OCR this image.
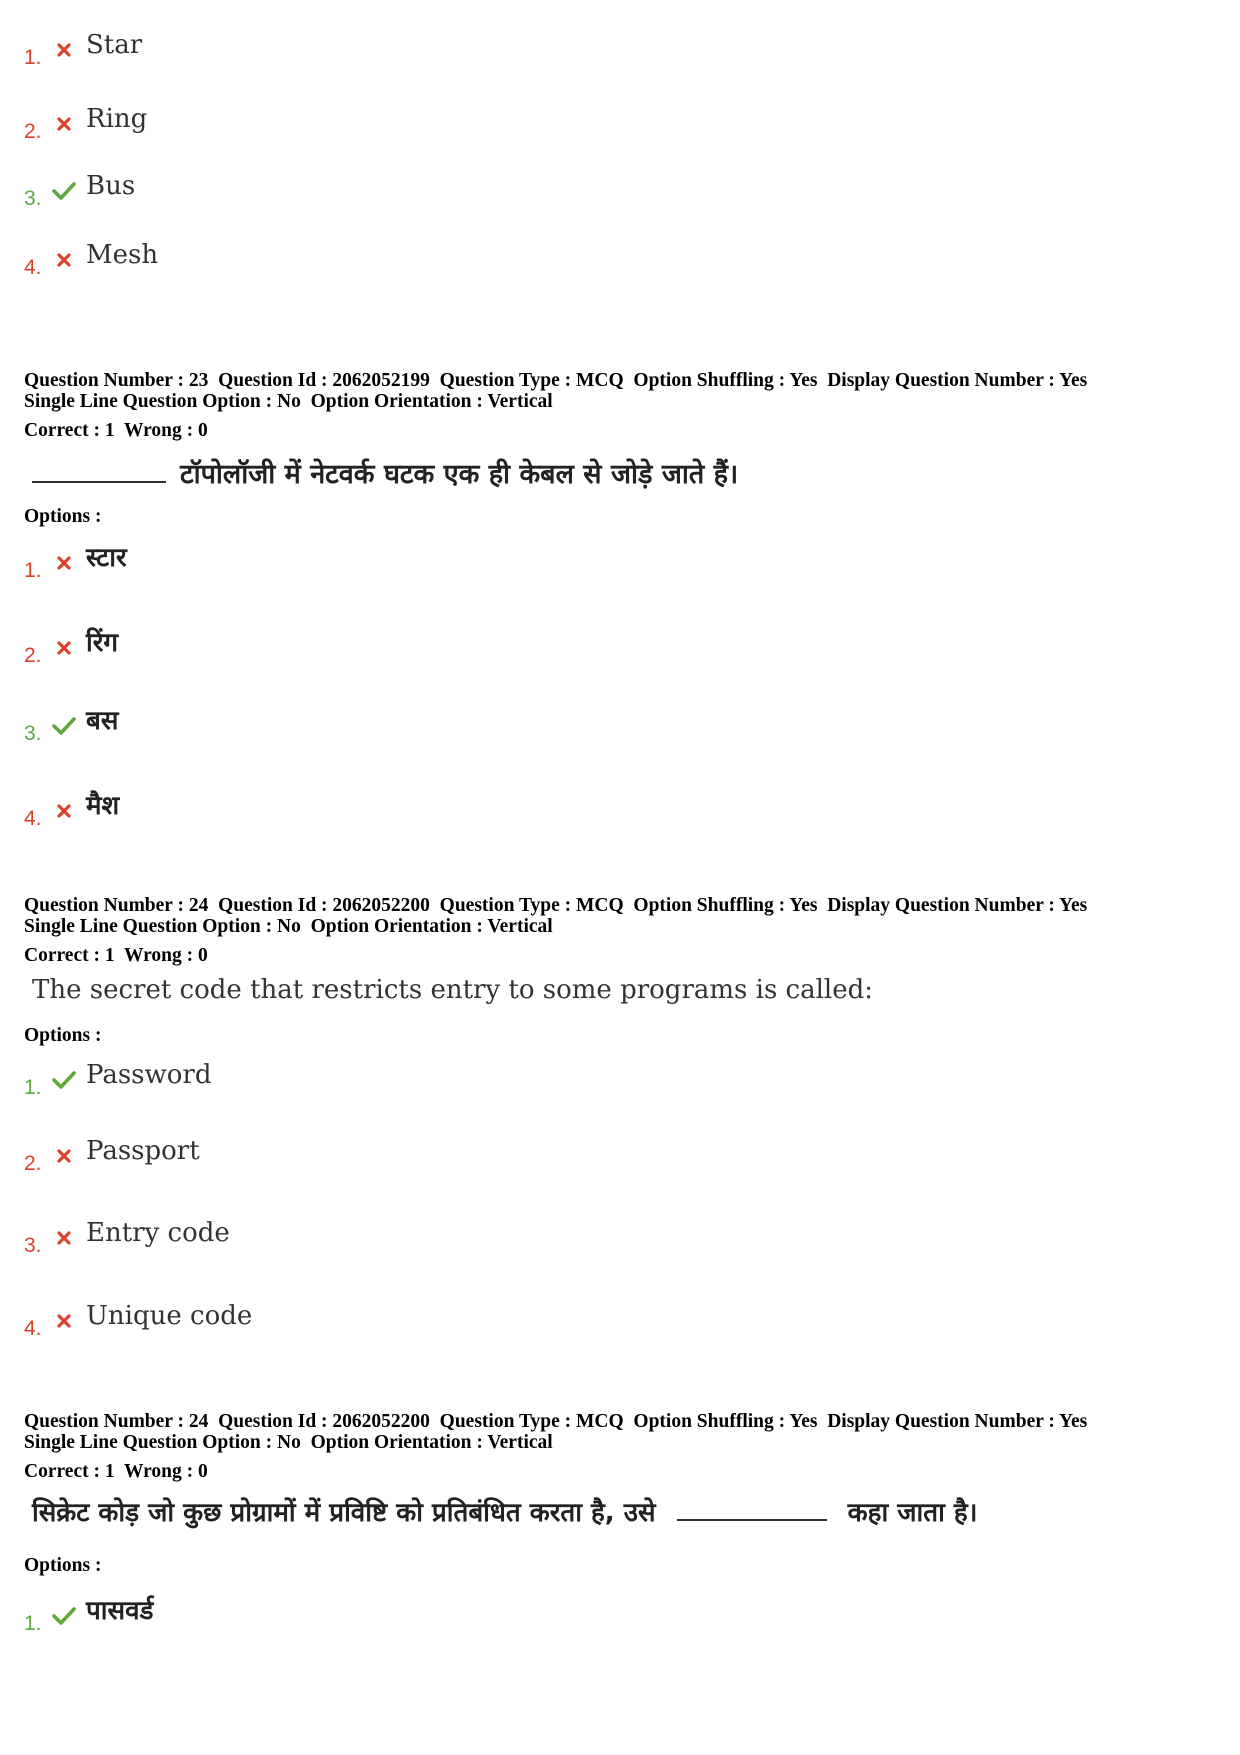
1.	Star
2.	Ring
3.	Bus
4.	Mesh
Question Number : 23  Question Id : 2062052199  Question Type : MCQ  Option Shuffling : Yes  Display Question Number : Yes
Single Line Question Option : No  Option Orientation : Vertical
Correct : 1  Wrong : 0
टॉपोलॉजी में नेटवर्क घटक एक ही केबल से जोड़े जाते हैं।
Options :
1.	स्टार
2.	रिंग
3.	बस
4.	मैश
Question Number : 24  Question Id : 2062052200  Question Type : MCQ  Option Shuffling : Yes  Display Question Number : Yes
Single Line Question Option : No  Option Orientation : Vertical
Correct : 1  Wrong : 0
The secret code that restricts entry to some programs is called:
Options :
1.	Password
2.	Passport
3.	Entry code
4.	Unique code
Question Number : 24  Question Id : 2062052200  Question Type : MCQ  Option Shuffling : Yes  Display Question Number : Yes
Single Line Question Option : No  Option Orientation : Vertical
Correct : 1  Wrong : 0
सिक्रेट कोड़ जो कुछ प्रोग्रामों में प्रविष्टि को प्रतिबंधित करता है, उसे	कहा जाता है।
Options :
1.	पासवर्ड
